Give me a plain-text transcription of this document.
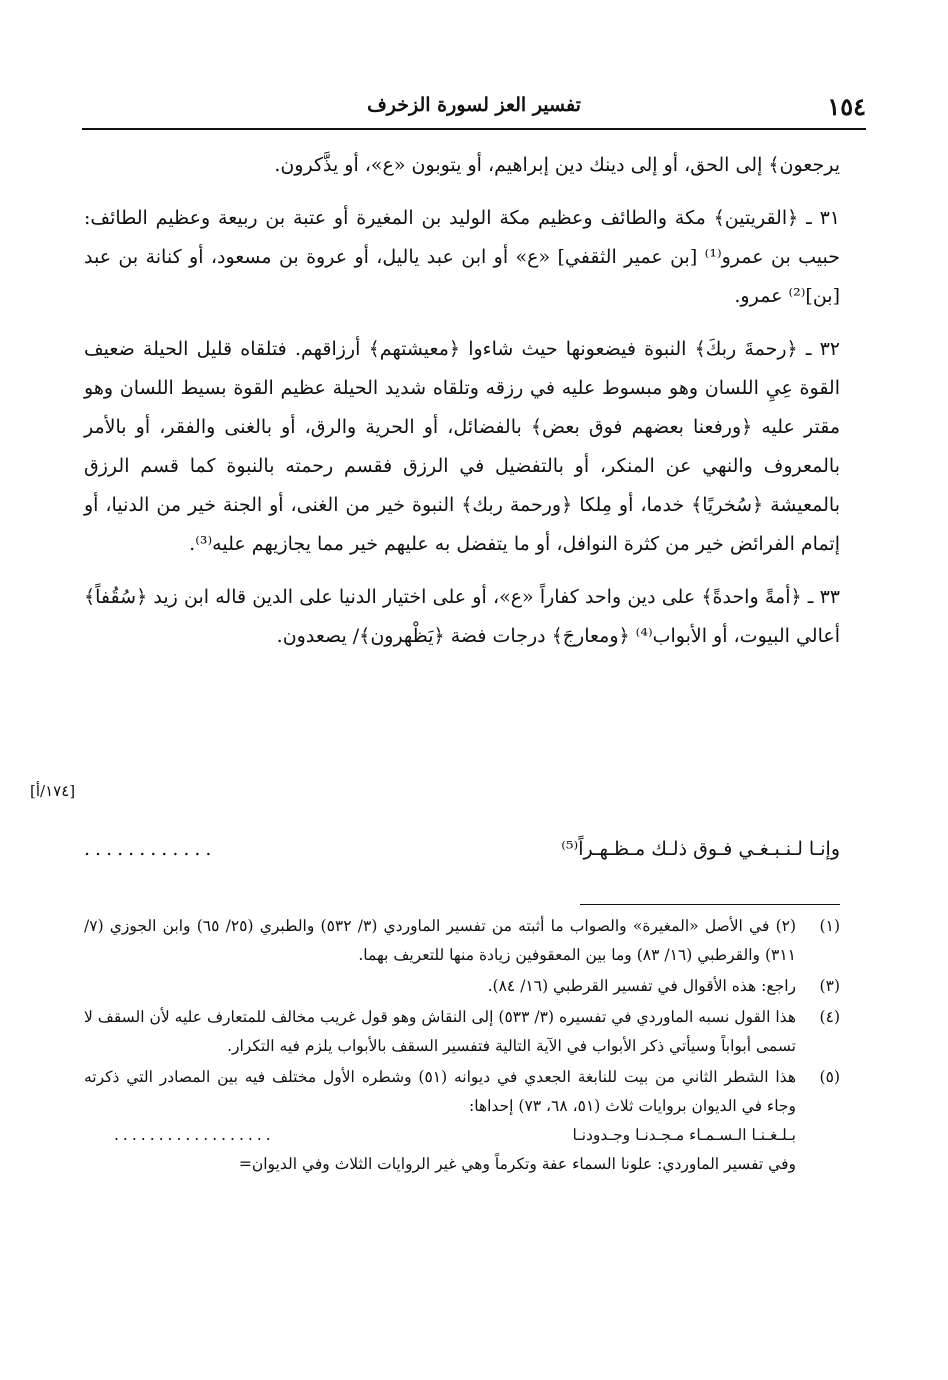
١٥٤
تفسير العز لسورة الزخرف

يرجعون﴾ إلى الحق، أو إلى دينك دين إبراهيم، أو يتوبون «ع»، أو يذَّكرون.

٣١ ـ ﴿القريتين﴾ مكة والطائف وعظيم مكة الوليد بن المغيرة أو عتبة بن ربيعة وعظيم الطائف: حبيب بن عمرو⁽¹⁾ [بن عمير الثقفي] «ع» أو ابن عبد ياليل، أو عروة بن مسعود، أو كنانة بن عبد [بن]⁽²⁾ عمرو.

٣٢ ـ ﴿رحمةَ ربكَ﴾ النبوة فيضعونها حيث شاءوا ﴿معيشتهم﴾ أرزاقهم. فتلقاه قليل الحيلة ضعيف القوة عِيِ اللسان وهو مبسوط عليه في رزقه وتلقاه شديد الحيلة عظيم القوة بسيط اللسان وهو مقتر عليه ﴿ورفعنا بعضهم فوق بعض﴾ بالفضائل، أو الحرية والرق، أو بالغنى والفقر، أو بالأمر بالمعروف والنهي عن المنكر، أو بالتفضيل في الرزق فقسم رحمته بالنبوة كما قسم الرزق بالمعيشة ﴿سُخريًا﴾ خدما، أو مِلكا ﴿ورحمة ربك﴾ النبوة خير من الغنى، أو الجنة خير من الدنيا، أو إتمام الفرائض خير من كثرة النوافل، أو ما يتفضل به عليهم خير مما يجازيهم عليه⁽³⁾.

٣٣ ـ ﴿أمةً واحدةً﴾ على دين واحد كفاراً «ع»، أو على اختيار الدنيا على الدين قاله ابن زيد ﴿سُقُفاً﴾ أعالي البيوت، أو الأبواب⁽⁴⁾ ﴿ومعارجَ﴾ درجات فضة ﴿يَظْهرون﴾/ يصعدون.

[١٧٤/أ]
وإنـا لـنـبـغـي فـوق ذلـك مـظـهـراً⁽⁵⁾
............
(١)
(٢) في الأصل «المغيرة» والصواب ما أثبته من تفسير الماوردي (٣/ ٥٣٢) والطبري (٢٥/ ٦٥) وابن الجوزي (٧/ ٣١١) والقرطبي (١٦/ ٨٣) وما بين المعقوفين زيادة منها للتعريف بهما.
(٣)
راجع: هذه الأقوال في تفسير القرطبي (١٦/ ٨٤).
(٤)
هذا القول نسبه الماوردي في تفسيره (٣/ ٥٣٣) إلى النقاش وهو قول غريب مخالف للمتعارف عليه لأن السقف لا تسمى أبواباً وسيأتي ذكر الأبواب في الآية التالية فتفسير السقف بالأبواب يلزم فيه التكرار.
(٥)
هذا الشطر الثاني من بيت للنابغة الجعدي في ديوانه (٥١) وشطره الأول مختلف فيه بين المصادر التي ذكرته وجاء في الديوان بروايات ثلاث (٥١، ٦٨، ٧٣) إحداها:
بـلـغـنـا الـسـمـاء مـجـدنـا وجـدودنـا
..................
وفي تفسير الماوردي: علونا السماء عفة وتكرماً وهي غير الروايات الثلاث وفي الديوان=
